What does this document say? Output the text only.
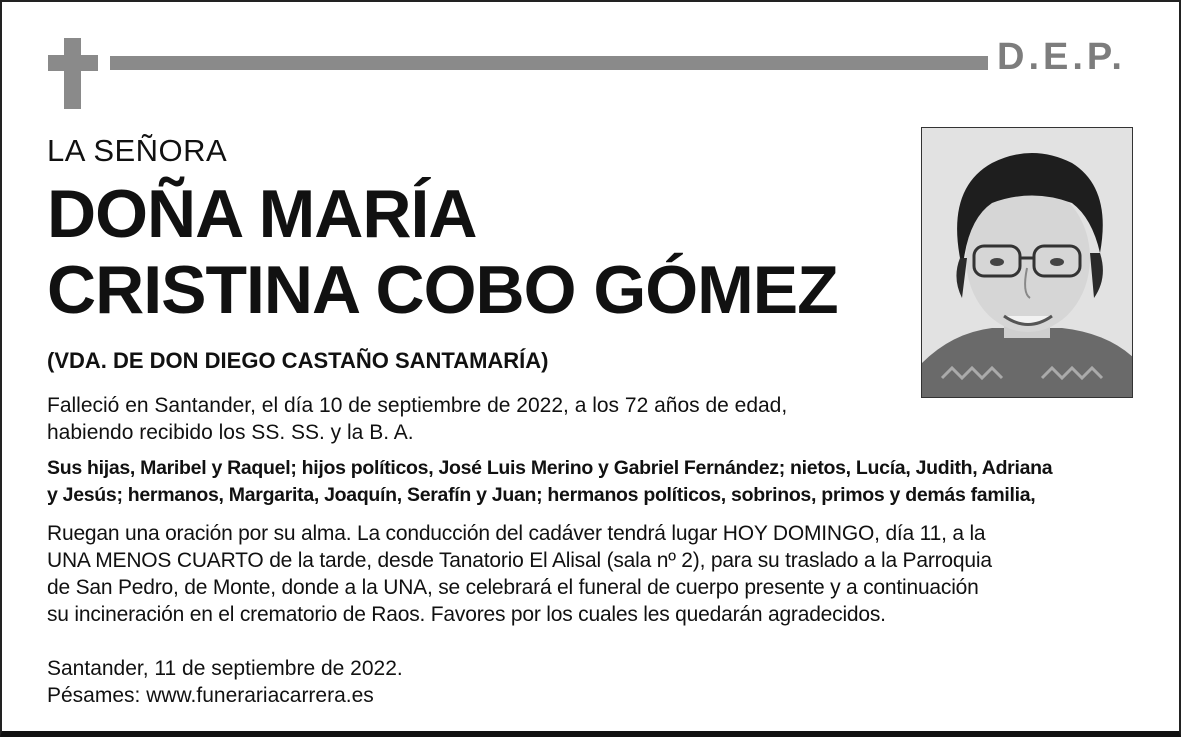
D.E.P.
LA SEÑORA
DOÑA MARÍA
CRISTINA COBO GÓMEZ
(VDA. DE DON DIEGO CASTAÑO SANTAMARÍA)
Falleció en Santander, el día 10 de septiembre de 2022, a los 72 años de edad,
habiendo recibido los SS. SS. y la B. A.
Sus hijas, Maribel y Raquel; hijos políticos, José Luis Merino y Gabriel Fernández; nietos, Lucía, Judith, Adriana
y Jesús; hermanos, Margarita, Joaquín, Serafín y Juan; hermanos políticos, sobrinos, primos y demás familia,
Ruegan una oración por su alma. La conducción del cadáver tendrá lugar HOY DOMINGO, día 11, a la
UNA MENOS CUARTO de la tarde, desde Tanatorio El Alisal (sala nº 2), para su traslado a la Parroquia
de San Pedro, de Monte, donde a la UNA, se celebrará el funeral de cuerpo presente y a continuación
su incineración en el crematorio de Raos. Favores por los cuales les quedarán agradecidos.
Santander, 11 de septiembre de 2022.
Pésames: www.funerariacarrera.es
